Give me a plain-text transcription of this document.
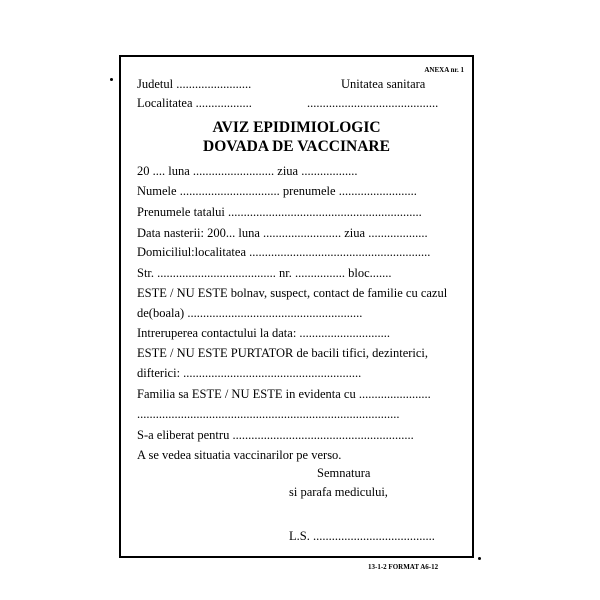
ANEXA nr. 1
Judetul ........................	Unitatea sanitara
Localitatea ..................	..........................................
AVIZ EPIDIMIOLOGIC
DOVADA DE VACCINARE
20 .... luna .......................... ziua ..................
Numele ................................ prenumele .........................
Prenumele tatalui ..............................................................
Data nasterii: 200... luna ......................... ziua ...................
Domiciliul:localitatea ..........................................................
Str. ...................................... nr. ................ bloc.......
ESTE / NU ESTE bolnav, suspect, contact de familie cu cazul
de(boala) ........................................................
Intreruperea contactului la data: .............................
ESTE / NU ESTE PURTATOR de bacili tifici, dezinterici,
difterici: .........................................................
Familia sa ESTE / NU ESTE in evidenta cu .......................
....................................................................................
S-a eliberat pentru ..........................................................
A se vedea situatia vaccinarilor pe verso.
Semnatura
si parafa medicului,
L.S. .......................................
13-1-2 FORMAT A6-12
